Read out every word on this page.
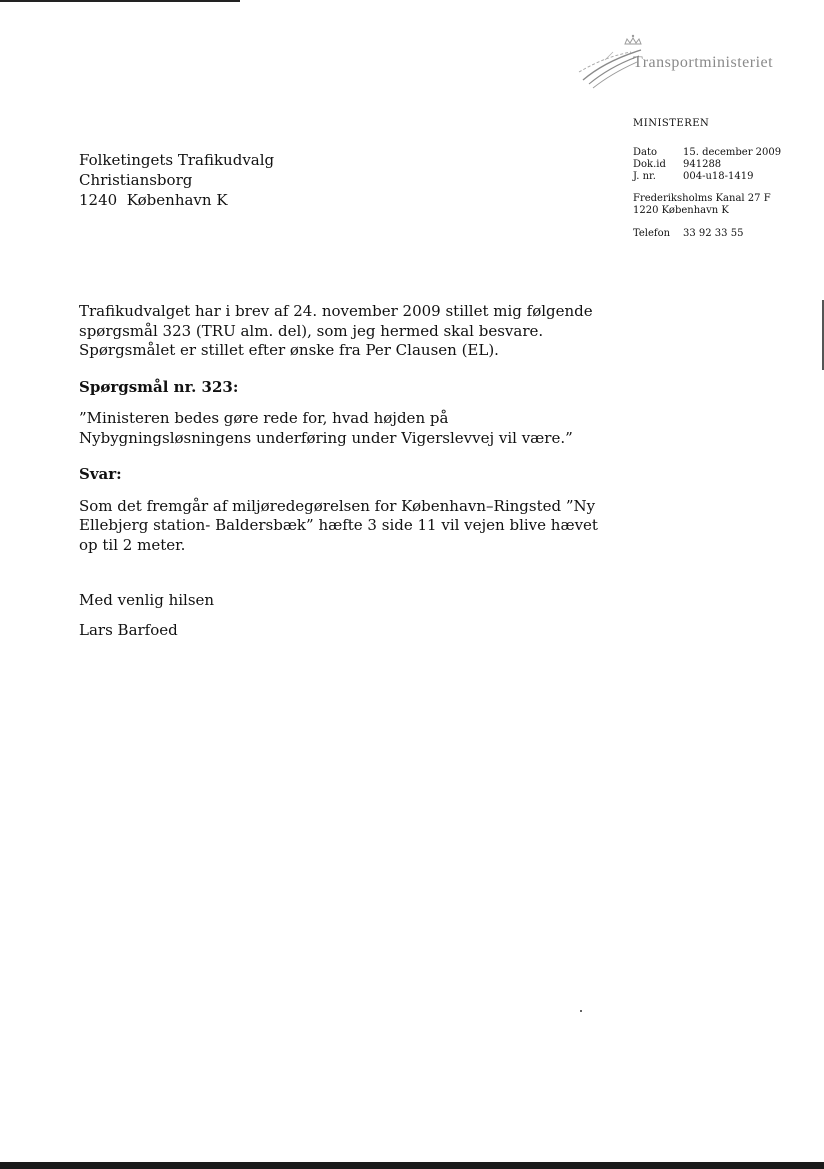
Transportministeriet
MINISTEREN
Dato	15. december 2009
Dok.id	941288
J. nr.	004-u18-1419
Frederiksholms Kanal 27 F
1220 København K
Telefon	33 92 33 55
Folketingets Trafikudvalg
Christiansborg
1240  København K

Trafikudvalget har i brev af 24. november 2009 stillet mig følgende spørgsmål 323 (TRU alm. del), som jeg hermed skal besvare. Spørgsmålet er stillet efter ønske fra Per Clausen (EL).

Spørgsmål nr. 323:

”Ministeren bedes gøre rede for, hvad højden på Nybygningsløsningens underføring under Vigerslevvej vil være.”

Svar:

Som det fremgår af miljøredegørelsen for København–Ringsted ”Ny Ellebjerg station- Baldersbæk” hæfte 3 side 11 vil vejen blive hævet op til 2 meter.

Med venlig hilsen

Lars Barfoed
